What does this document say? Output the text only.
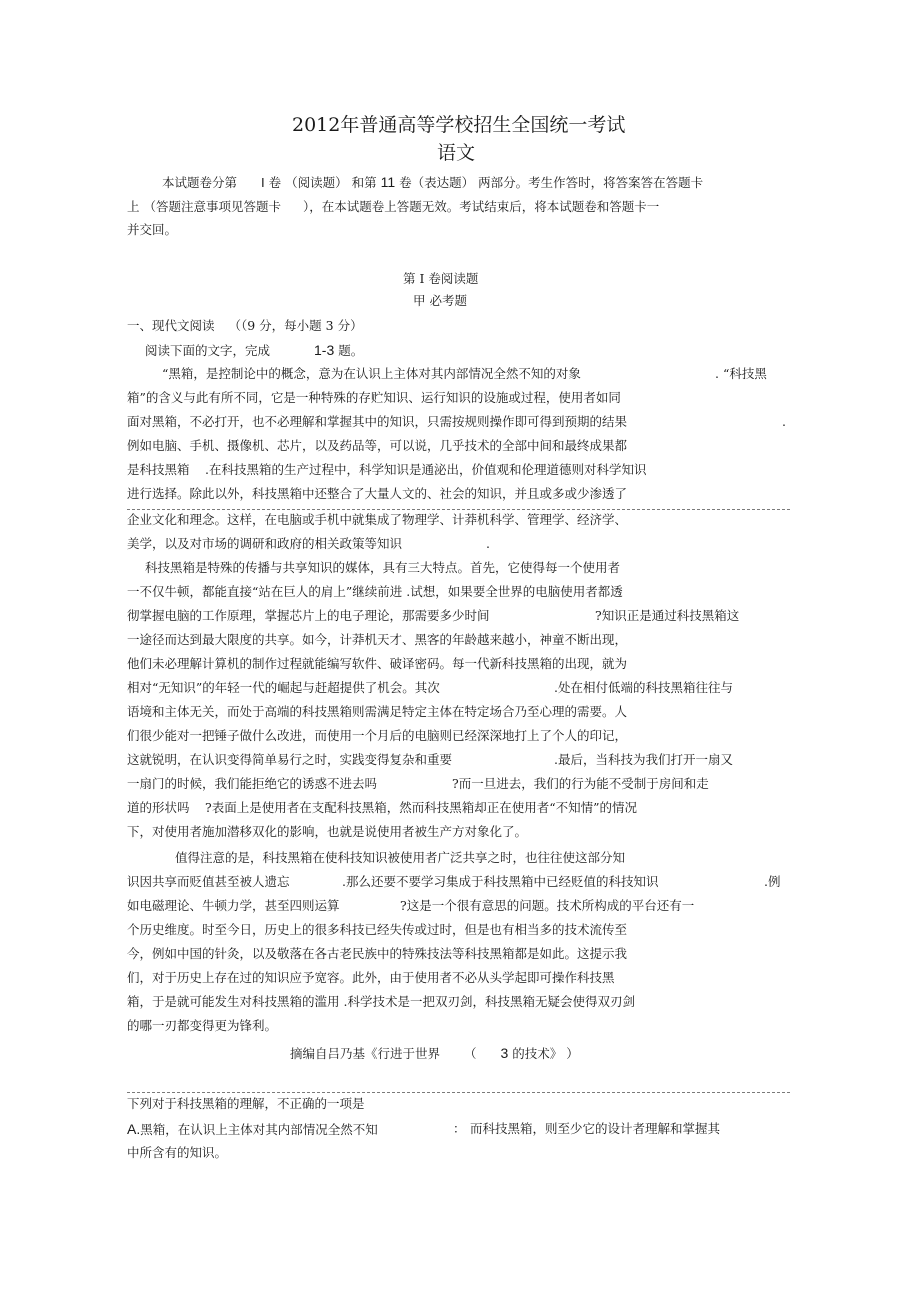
2012年普通高等学校招生全国统一考试
语文
本试题卷分第 Ⅰ 卷 （阅读题） 和第 11 卷（表达题） 两部分。考生作答时，将答案答在答题卡
上 （答题注意事项见答题卡 ），在本试题卷上答题无效。考试结束后，将本试题卷和答题卡一
并交回。
第 Ⅰ 卷阅读题
甲 必考题
一、现代文阅读 （（9 分，每小题 3 分）
阅读下面的文字，完成	1-3 题。
“黑箱，是控制论中的概念，意为在认识上主体对其内部情况全然不知的对象	. “科技黑
箱”的含义与此有所不同，它是一种特殊的存贮知识、运行知识的设施或过程，使用者如同
面对黑箱，不必打开，也不必理解和掌握其中的知识，只需按规则操作即可得到预期的结果	.
例如电脑、手机、摄像机、芯片，以及药品等，可以说，几乎技术的全部中间和最终成果都
是科技黑箱 .在科技黑箱的生产过程中，科学知识是通泌出，价值观和伦理道德则对科学知识
进行选择。除此以外，科技黑箱中还整合了大量人文的、社会的知识，并且或多或少渗透了
企业文化和理念。这样，在电脑或手机中就集成了物理学、计莽机科学、管理学、经济学、
美学，以及对市场的调研和政府的相关政策等知识	.
科技黑箱是特殊的传播与共享知识的媒体，具有三大特点。首先，它使得每一个使用者
一不仅牛顿，都能直接“站在巨人的肩上”继续前进 .试想，如果要全世界的电脑使用者都透
彻掌握电脑的工作原理，掌握芯片上的电子理论，那需要多少时间	?知识正是通过科技黑箱这
一途径而达到最大限度的共享。如今，计莽机天才、黑客的年龄越来越小，神童不断出现，
他们未必理解计算机的制作过程就能编写软件、破译密码。每一代新科技黑箱的出现，就为
相对“无知识”的年轻一代的崛起与赶超提供了机会。其次	.处在相付低端的科技黑箱往往与
语境和主体无关，而处于高端的科技黑箱则需满足特定主体在特定场合乃至心理的需要。人
们很少能对一把锤子做什么改进，而使用一个月后的电脑则已经深深地打上了个人的印记，
这就锐明，在认识变得简单易行之时，实践变得复杂和重要	.最后，当科技为我们打开一扇又
一扇门的时候，我们能拒绝它的诱惑不进去吗	?而一旦进去，我们的行为能不受制于房间和走
道的形状吗 ?表面上是使用者在支配科技黑箱，然而科技黑箱却正在使用者“不知情”的情况
下，对使用者施加潜移双化的影响，也就是说使用者被生产方对象化了。
值得注意的是，科技黑箱在使科技知识被使用者广泛共享之时，也往往使这部分知
识因共享而贬值甚至被人遗忘	.那么还要不要学习集成于科技黑箱中已经贬值的科技知识	.例
如电磁理论、牛顿力学，甚至四则运算	?这是一个很有意思的问题。技术所构成的平台还有一
个历史维度。时至今日，历史上的很多科技已经失传或过时，但是也有相当多的技术流传至
今，例如中国的针灸，以及敬落在各古老民族中的特殊技法等科技黑箱都是如此。这提示我
们，对于历史上存在过的知识应予宽容。此外，由于使用者不必从头学起即可操作科技黑
箱，于是就可能发生对科技黑箱的滥用 .科学技术是一把双刃剑，科技黑箱无疑会使得双刃剑
的哪一刃都变得更为锋利。
摘编自吕乃基《行进于世界 （ 3 的技术》 ）
下列对于科技黑箱的理解，不正确的一项是
A.黑箱，在认识上主体对其内部情况全然不知	： 而科技黑箱，则至少它的设计者理解和掌握其
中所含有的知识。
